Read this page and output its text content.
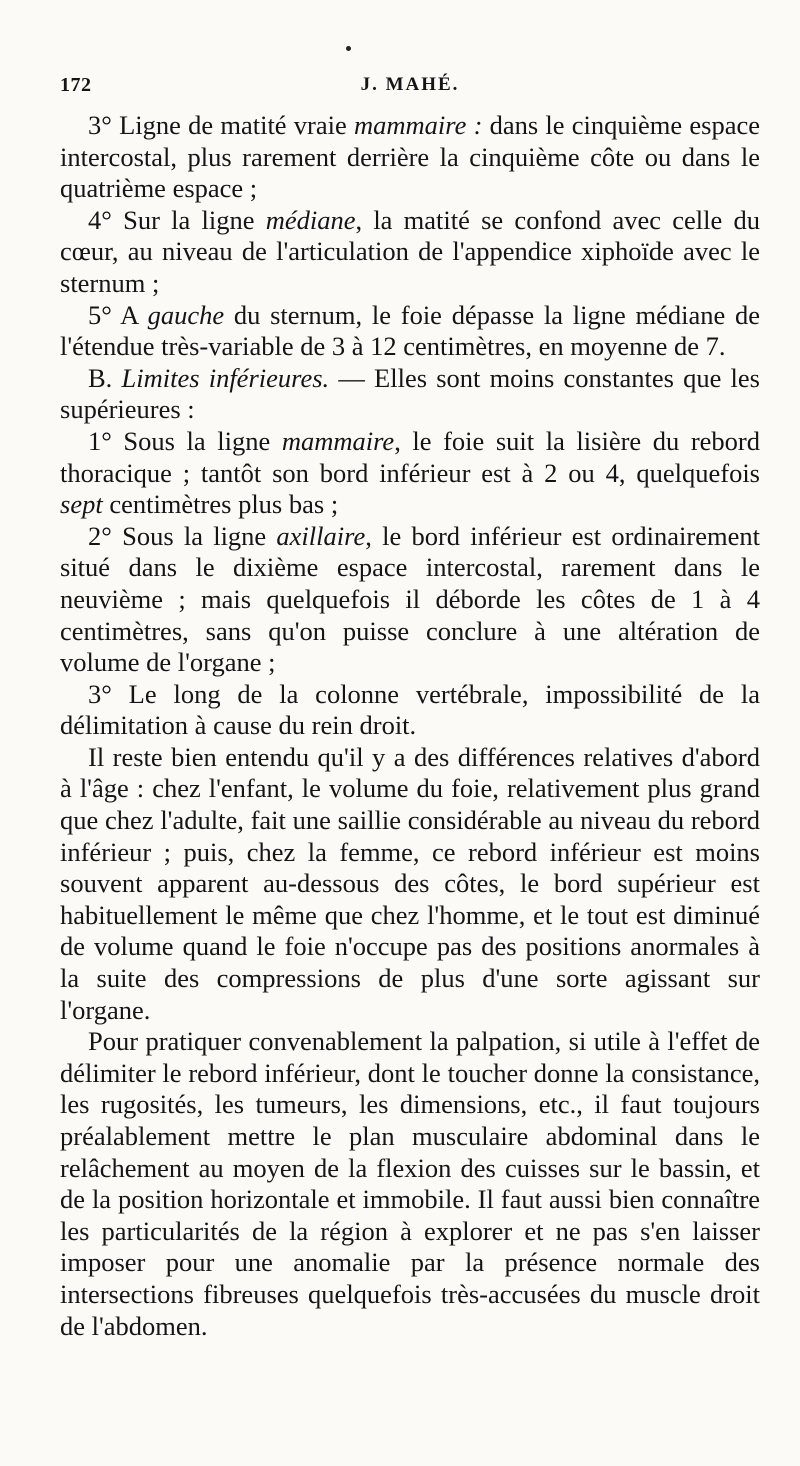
172	J. MAHÉ.

3° Ligne de matité vraie mammaire : dans le cinquième espace intercostal, plus rarement derrière la cinquième côte ou dans le quatrième espace ;

4° Sur la ligne médiane, la matité se confond avec celle du cœur, au niveau de l'articulation de l'appendice xiphoïde avec le sternum ;

5° A gauche du sternum, le foie dépasse la ligne médiane de l'étendue très-variable de 3 à 12 centimètres, en moyenne de 7.

B. Limites inférieures. — Elles sont moins constantes que les supérieures :

1° Sous la ligne mammaire, le foie suit la lisière du rebord thoracique ; tantôt son bord inférieur est à 2 ou 4, quelquefois sept centimètres plus bas ;

2° Sous la ligne axillaire, le bord inférieur est ordinairement situé dans le dixième espace intercostal, rarement dans le neuvième ; mais quelquefois il déborde les côtes de 1 à 4 centimètres, sans qu'on puisse conclure à une altération de volume de l'organe ;

3° Le long de la colonne vertébrale, impossibilité de la délimitation à cause du rein droit.

Il reste bien entendu qu'il y a des différences relatives d'abord à l'âge : chez l'enfant, le volume du foie, relativement plus grand que chez l'adulte, fait une saillie considérable au niveau du rebord inférieur ; puis, chez la femme, ce rebord inférieur est moins souvent apparent au-dessous des côtes, le bord supérieur est habituellement le même que chez l'homme, et le tout est diminué de volume quand le foie n'occupe pas des positions anormales à la suite des compressions de plus d'une sorte agissant sur l'organe.

Pour pratiquer convenablement la palpation, si utile à l'effet de délimiter le rebord inférieur, dont le toucher donne la consistance, les rugosités, les tumeurs, les dimensions, etc., il faut toujours préalablement mettre le plan musculaire abdominal dans le relâchement au moyen de la flexion des cuisses sur le bassin, et de la position horizontale et immobile. Il faut aussi bien connaître les particularités de la région à explorer et ne pas s'en laisser imposer pour une anomalie par la présence normale des intersections fibreuses quelquefois très-accusées du muscle droit de l'abdomen.
